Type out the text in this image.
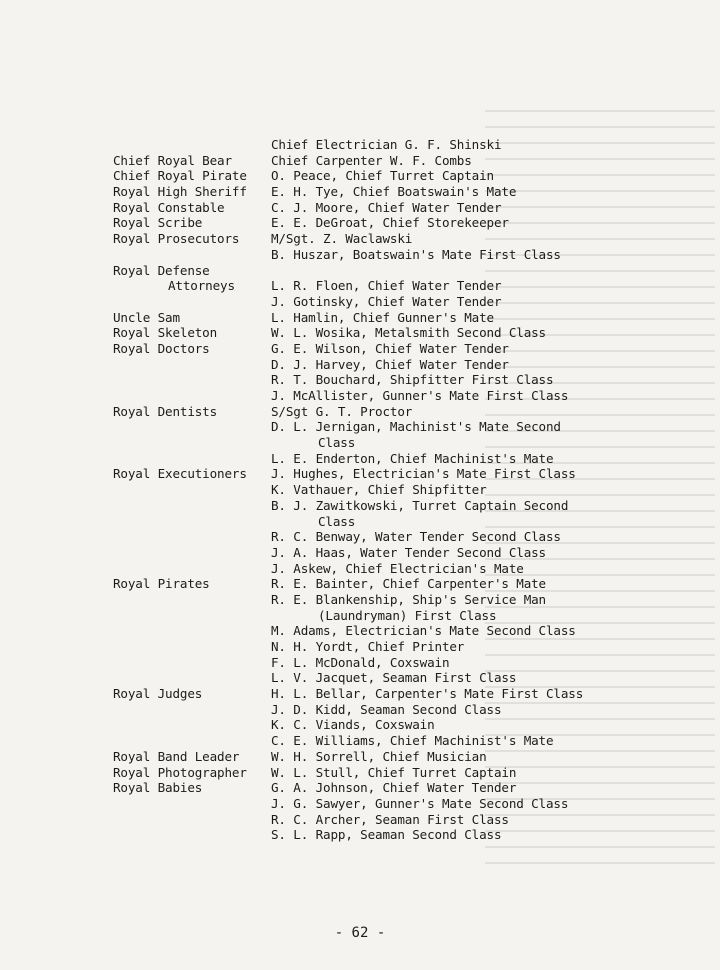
Chief Electrician G. F. Shinski
Chief Royal Bear	Chief Carpenter W. F. Combs
Chief Royal Pirate	O. Peace, Chief Turret Captain
Royal High Sheriff	E. H. Tye, Chief Boatswain's Mate
Royal Constable	C. J. Moore, Chief Water Tender
Royal Scribe	E. E. DeGroat, Chief Storekeeper
Royal Prosecutors	M/Sgt. Z. Waclawski
B. Huszar, Boatswain's Mate First Class
Royal Defense
Attorneys	L. R. Floen, Chief Water Tender
J. Gotinsky, Chief Water Tender
Uncle Sam	L. Hamlin, Chief Gunner's Mate
Royal Skeleton	W. L. Wosika, Metalsmith Second Class
Royal Doctors	G. E. Wilson, Chief Water Tender
D. J. Harvey, Chief Water Tender
R. T. Bouchard, Shipfitter First Class
J. McAllister, Gunner's Mate First Class
Royal Dentists	S/Sgt G. T. Proctor
D. L. Jernigan, Machinist's Mate Second
Class
L. E. Enderton, Chief Machinist's Mate
Royal Executioners	J. Hughes, Electrician's Mate First Class
K. Vathauer, Chief Shipfitter
B. J. Zawitkowski, Turret Captain Second
Class
R. C. Benway, Water Tender Second Class
J. A. Haas, Water Tender Second Class
J. Askew, Chief Electrician's Mate
Royal Pirates	R. E. Bainter, Chief Carpenter's Mate
R. E. Blankenship, Ship's Service Man
(Laundryman) First Class
M. Adams, Electrician's Mate Second Class
N. H. Yordt, Chief Printer
F. L. McDonald, Coxswain
L. V. Jacquet, Seaman First Class
Royal Judges	H. L. Bellar, Carpenter's Mate First Class
J. D. Kidd, Seaman Second Class
K. C. Viands, Coxswain
C. E. Williams, Chief Machinist's Mate
Royal Band Leader	W. H. Sorrell, Chief Musician
Royal Photographer	W. L. Stull, Chief Turret Captain
Royal Babies	G. A. Johnson, Chief Water Tender
J. G. Sawyer, Gunner's Mate Second Class
R. C. Archer, Seaman First Class
S. L. Rapp, Seaman Second Class
- 62 -
